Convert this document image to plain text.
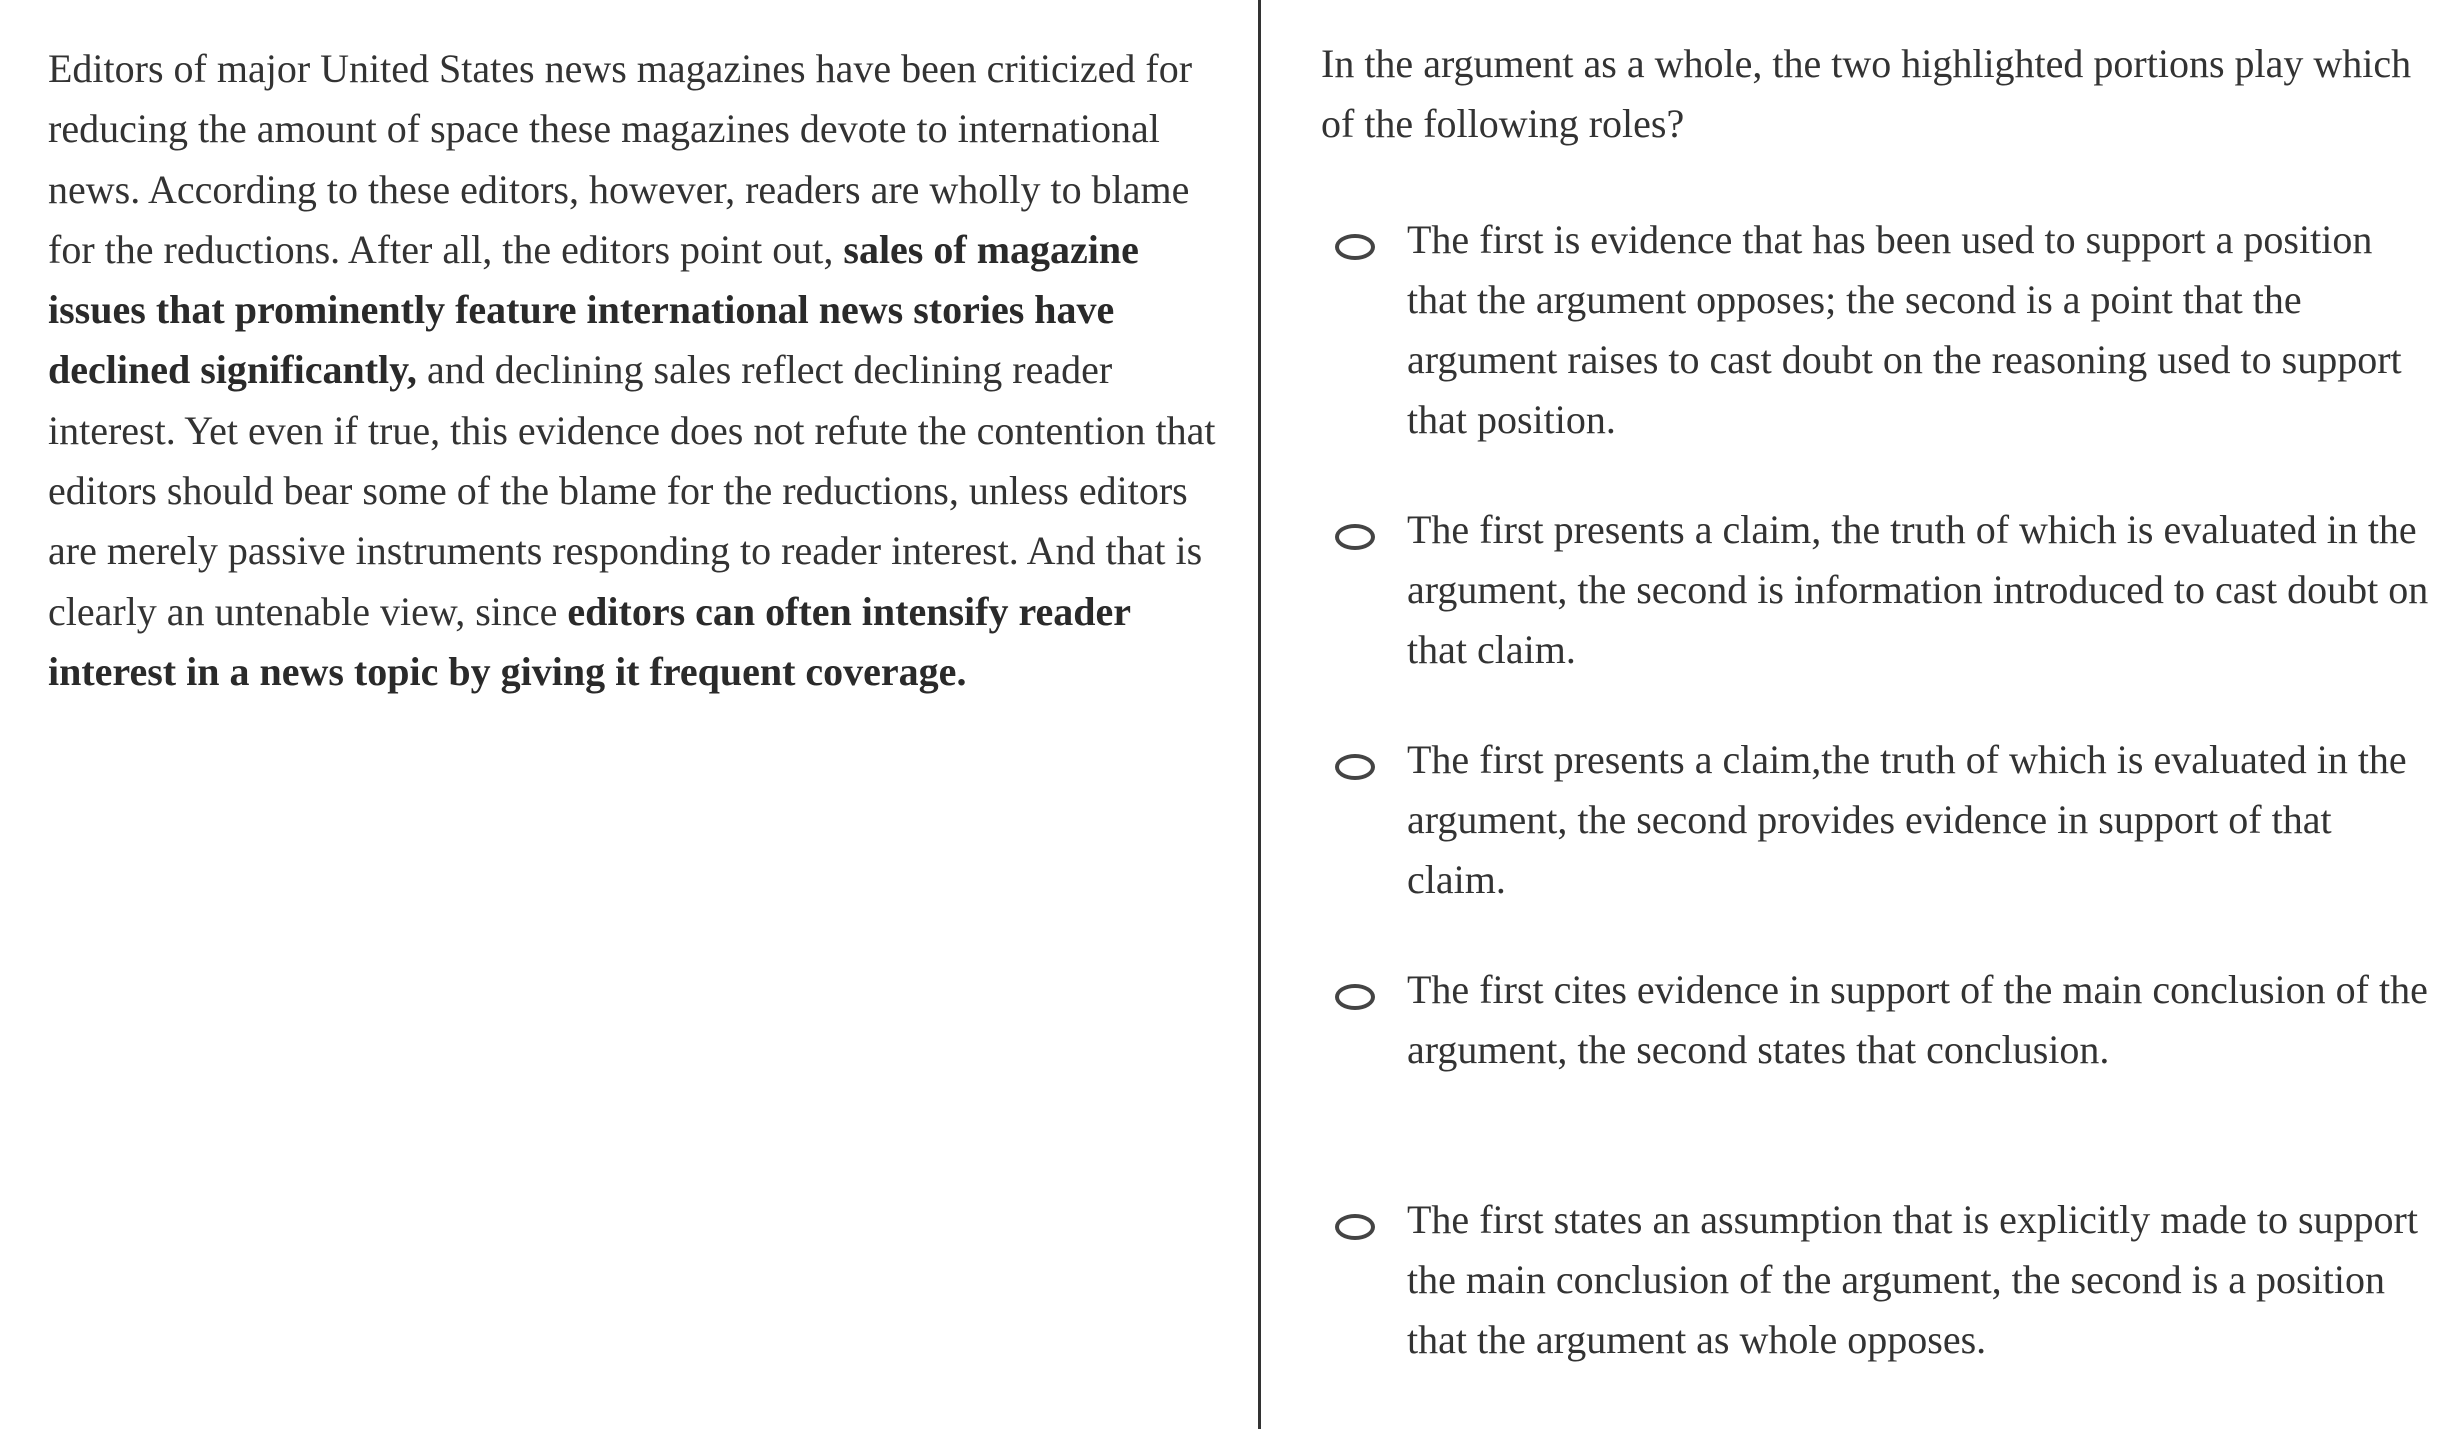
Editors of major United States news magazines have been criticized for reducing the amount of space these magazines devote to international news. According to these editors, however, readers are wholly to blame for the reductions. After all, the editors point out, sales of magazine issues that prominently feature international news stories have declined significantly, and declining sales reflect declining reader interest. Yet even if true, this evidence does not refute the contention that editors should bear some of the blame for the reductions, unless editors are merely passive instruments responding to reader interest. And that is clearly an untenable view, since editors can often intensify reader interest in a news topic by giving it frequent coverage.

In the argument as a whole, the two highlighted portions play which of the following roles?

The first is evidence that has been used to support a position that the argument opposes; the second is a point that the argument raises to cast doubt on the reasoning used to support that position.

The first presents a claim, the truth of which is evaluated in the argument, the second is information introduced to cast doubt on that claim.

The first presents a claim,the truth of which is evaluated in the argument, the second provides evidence in support of that claim.

The first cites evidence in support of the main conclusion of the argument, the second states that conclusion.

The first states an assumption that is explicitly made to support the main conclusion of the argument, the second is a position that the argument as whole opposes.
